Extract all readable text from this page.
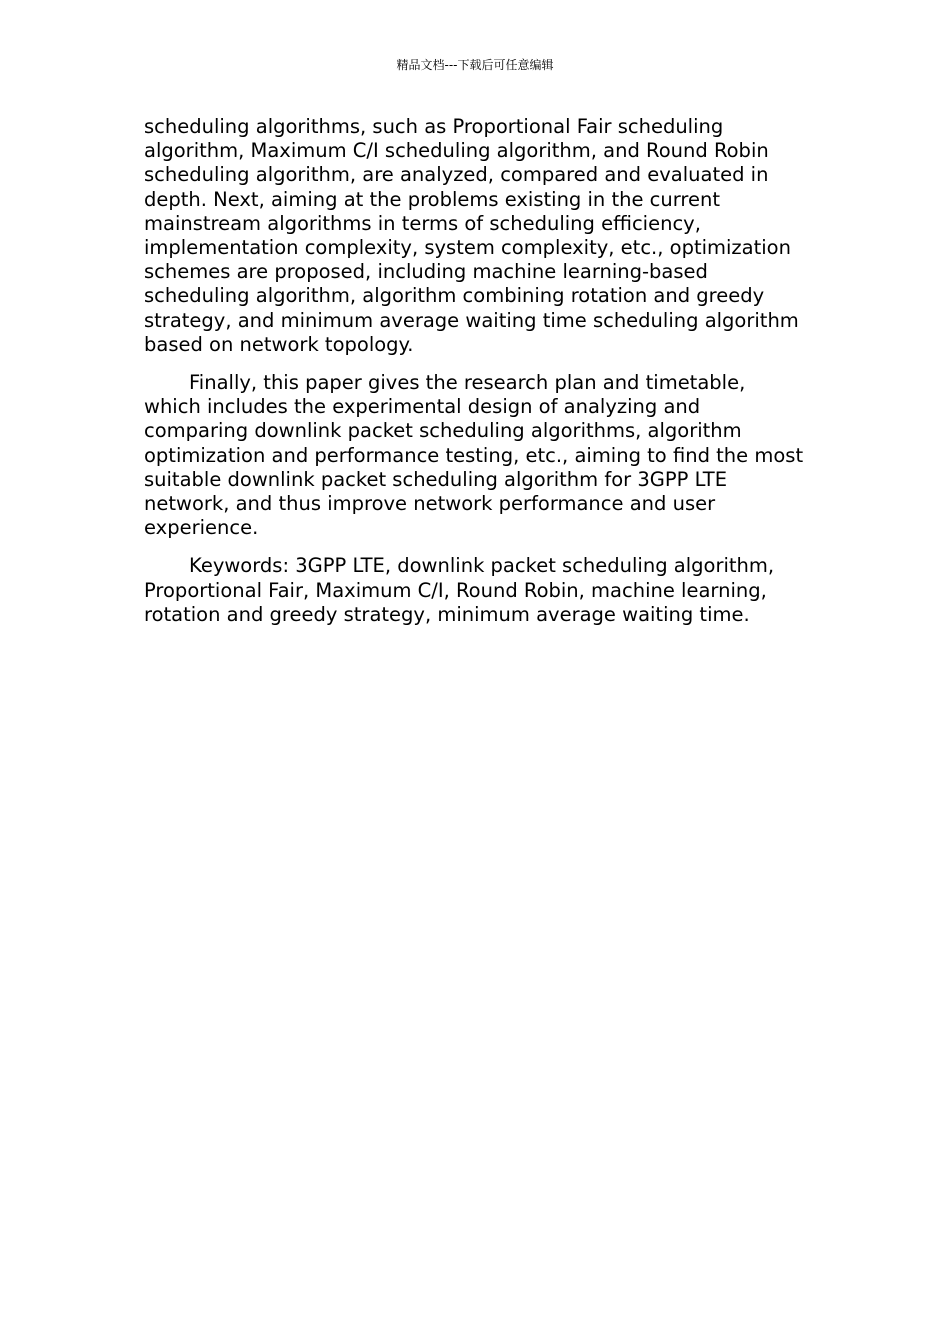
精品文档---下载后可任意编辑

scheduling algorithms, such as Proportional Fair scheduling algorithm, Maximum C/I scheduling algorithm, and Round Robin scheduling algorithm, are analyzed, compared and evaluated in depth. Next, aiming at the problems existing in the current mainstream algorithms in terms of scheduling efficiency, implementation complexity, system complexity, etc., optimization schemes are proposed, including machine learning-based scheduling algorithm, algorithm combining rotation and greedy strategy, and minimum average waiting time scheduling algorithm based on network topology.

Finally, this paper gives the research plan and timetable, which includes the experimental design of analyzing and comparing downlink packet scheduling algorithms, algorithm optimization and performance testing, etc., aiming to find the most suitable downlink packet scheduling algorithm for 3GPP LTE network, and thus improve network performance and user experience.

Keywords: 3GPP LTE, downlink packet scheduling algorithm, Proportional Fair, Maximum C/I, Round Robin, machine learning, rotation and greedy strategy, minimum average waiting time.
